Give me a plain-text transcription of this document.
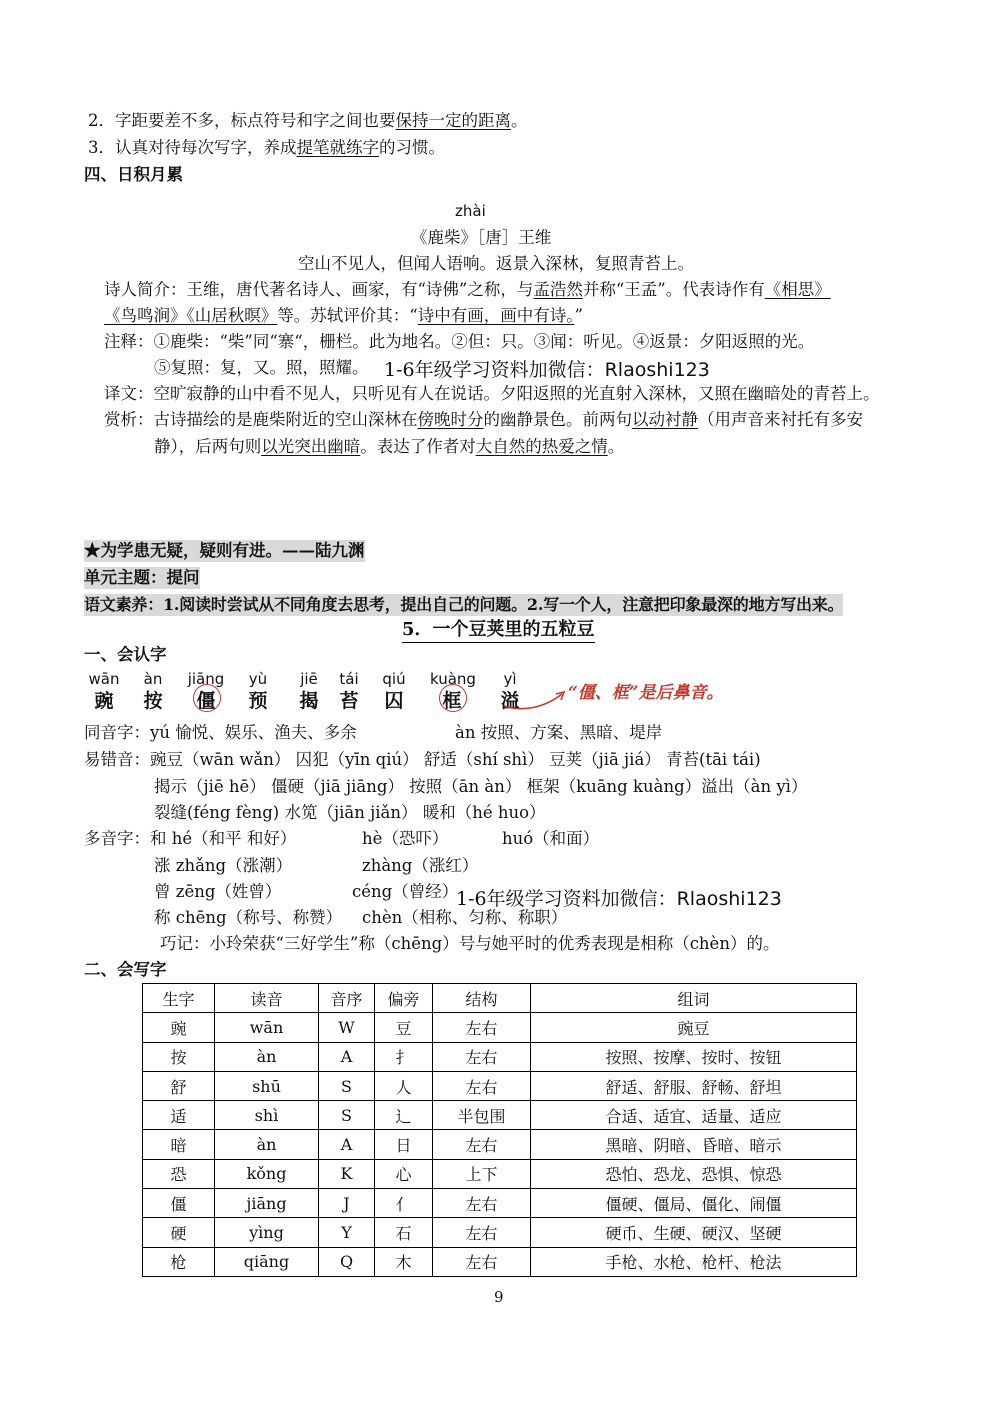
2．字距要差不多，标点符号和字之间也要保持一定的距离。
3．认真对待每次写字，养成提笔就练字的习惯。
四、日积月累
zhài
《鹿柴》［唐］王维
空山不见人，但闻人语响。返景入深林，复照青苔上。
诗人简介：王维，唐代著名诗人、画家，有“诗佛”之称，与孟浩然并称“王孟”。代表诗作有《相思》
《鸟鸣涧》《山居秋暝》等。苏轼评价其：“诗中有画，画中有诗。”
注释：①鹿柴：“柴”同“寨“，栅栏。此为地名。②但：只。③闻：听见。④返景：夕阳返照的光。
⑤复照：复，又。照，照耀。 1-6年级学习资料加微信：Rlaoshi123
译文：空旷寂静的山中看不见人，只听见有人在说话。夕阳返照的光直射入深林，又照在幽暗处的青苔上。
赏析：古诗描绘的是鹿柴附近的空山深林在傍晚时分的幽静景色。前两句以动衬静（用声音来衬托有多安
静），后两句则以光突出幽暗。表达了作者对大自然的热爱之情。
★为学患无疑，疑则有进。——陆九渊
单元主题：提问
语文素养：1.阅读时尝试从不同角度去思考，提出自己的问题。2.写一个人，注意把印象最深的地方写出来。
5．一个豆荚里的五粒豆
一、会认字
wān	àn	jiāng	yù	jiē	tái	qiú	kuàng	yì
豌	按	僵	预	揭	苔	囚	框	溢	“僵、框”是后鼻音。
同音字：yú 愉悦、娱乐、渔夫、多余	àn 按照、方案、黑暗、堤岸
易错音：豌豆（wān wǎn） 囚犯（yīn qiú） 舒适（shí shì） 豆荚（jiā jiá） 青苔(tāi tái)
揭示（jiē hē） 僵硬（jiā jiāng） 按照（ān àn） 框架（kuāng kuàng）溢出（àn yì）
裂缝(féng fèng) 水笕（jiān jiǎn） 暖和（hé huo）
多音字：和 hé（和平 和好）	hè（恐吓）	huó（和面）
涨 zhǎng（涨潮）	zhàng（涨红）
曾 zēng（姓曾）	céng（曾经）
1-6年级学习资料加微信：Rlaoshi123
称 chēng（称号、称赞） chèn（相称、匀称、称职）
巧记：小玲荣获“三好学生”称（chēng）号与她平时的优秀表现是相称（chèn）的。
二、会写字
生字	读音	音序	偏旁	结构	组词
豌	wān	W	豆	左右	豌豆
按	àn	A	扌	左右	按照、按摩、按时、按钮
舒	shū	S	人	左右	舒适、舒服、舒畅、舒坦
适	shì	S	辶	半包围	合适、适宜、适量、适应
暗	àn	A	日	左右	黑暗、阴暗、昏暗、暗示
恐	kǒng	K	心	上下	恐怕、恐龙、恐惧、惊恐
僵	jiāng	J	亻	左右	僵硬、僵局、僵化、闹僵
硬	yìng	Y	石	左右	硬币、生硬、硬汉、坚硬
枪	qiāng	Q	木	左右	手枪、水枪、枪杆、枪法
9
